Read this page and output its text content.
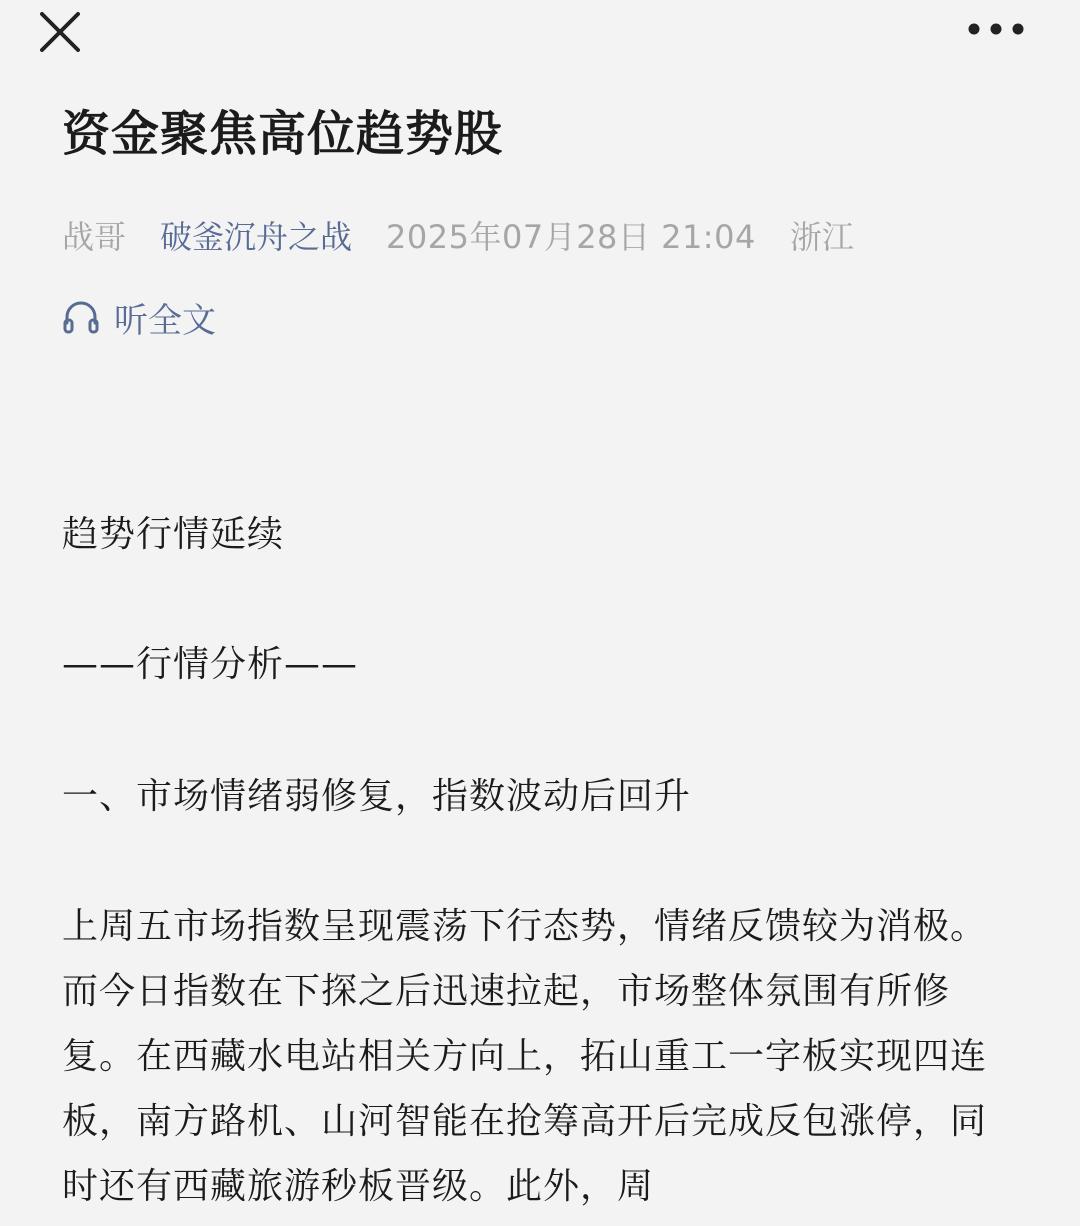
资金聚焦高位趋势股
战哥 破釜沉舟之战 2025年07月28日 21:04 浙江
听全文

趋势行情延续

——行情分析——

一、市场情绪弱修复，指数波动后回升

上周五市场指数呈现震荡下行态势，情绪反馈较为消极。而今日指数在下探之后迅速拉起，市场整体氛围有所修复。在西藏水电站相关方向上，拓山重工一字板实现四连板，南方路机、山河智能在抢筹高开后完成反包涨停，同时还有西藏旅游秒板晋级。此外，周
